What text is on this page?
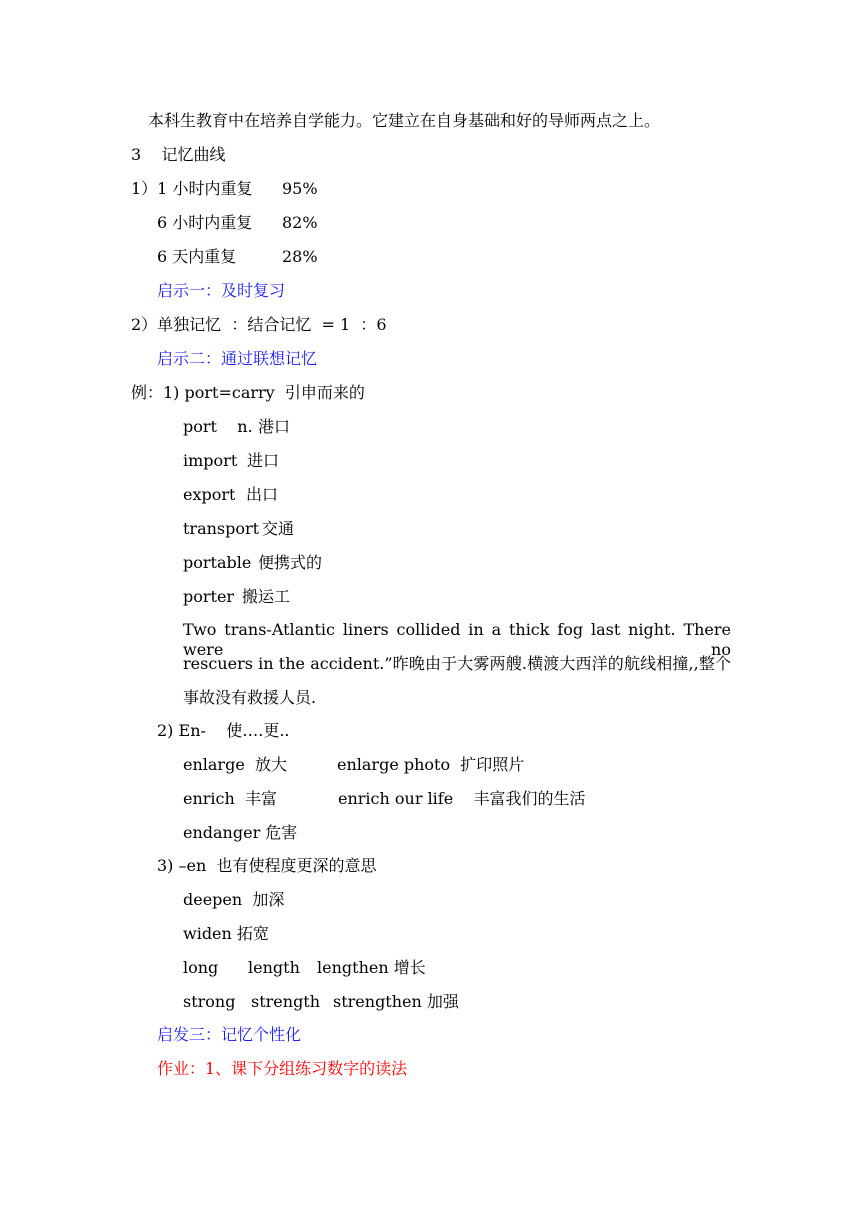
本科生教育中在培养自学能力。它建立在自身基础和好的导师两点之上。
3    记忆曲线
1）1 小时内重复 95%
6 小时内重复 82%
6 天内重复	28%
启示一：及时复习
2）单独记忆  ：结合记忆  = 1  ：6
启示二：通过联想记忆
例：1) port=carry  引申而来的
port    n. 港口
import 进口
export 出口
transport 交通
portable 便携式的
porter 搬运工
Two trans-Atlantic liners collided in a thick fog last night. There were no
rescuers in the accident.”昨晚由于大雾两艘.横渡大西洋的航线相撞,,整个
事故没有救援人员.
2) En-    使….更..
enlarge  放大	enlarge photo  扩印照片
enrich  丰富	enrich our life    丰富我们的生活
endanger 危害
3) –en  也有使程度更深的意思
deepen  加深
widen 拓宽
long length lengthen 增长
strong strength strengthen 加强
启发三：记忆个性化
作业：1、课下分组练习数字的读法
